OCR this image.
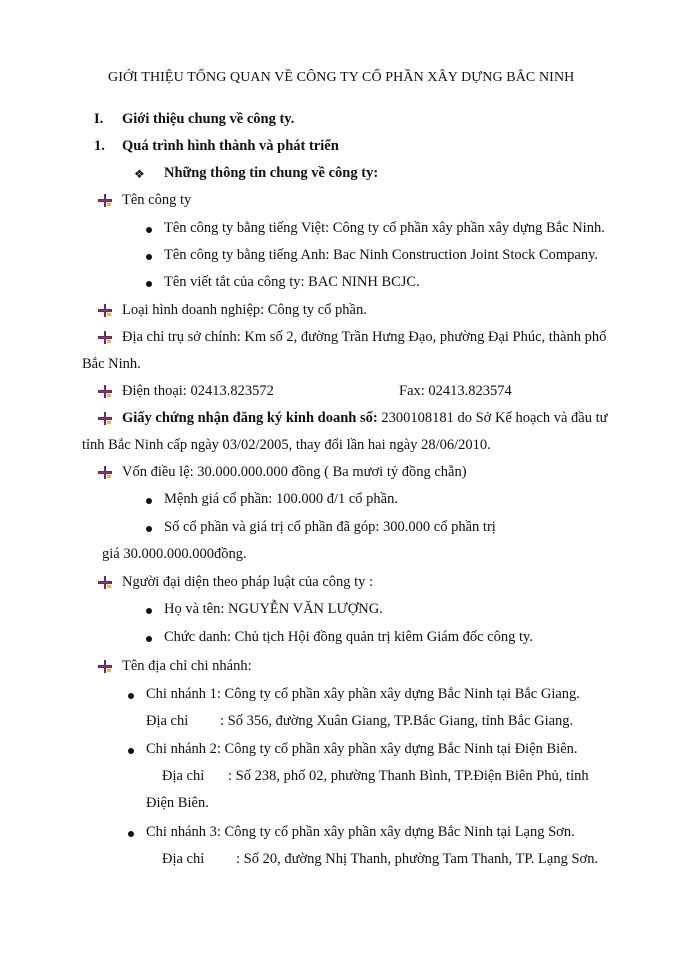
GIỚI THIỆU TỔNG QUAN VỀ CÔNG TY CỔ PHẦN XÂY DỰNG BẮC NINH
I. Giới thiệu chung về công ty.
1. Quá trình hình thành và phát triển
❖ Những thông tin chung về công ty:
Tên công ty
Tên công ty bằng tiếng Việt: Công ty cổ phần xây phần xây dựng Bắc Ninh.
Tên công ty bằng tiếng Anh: Bac Ninh Construction Joint Stock Company.
Tên viết tắt của công ty: BAC NINH BCJC.
Loại hình doanh nghiệp: Công ty cổ phần.
Địa chỉ trụ sở chính: Km số 2, đường Trần Hưng Đạo, phường Đại Phúc, thành phố
Bắc Ninh.
Điện thoại: 02413.823572	Fax: 02413.823574
Giấy chứng nhận đăng ký kinh doanh số: 2300108181 do Sở Kế hoạch và đầu tư
tỉnh Bắc Ninh cấp ngày 03/02/2005, thay đổi lần hai ngày 28/06/2010.
Vốn điều lệ: 30.000.000.000 đồng ( Ba mươi tỷ đồng chẵn)
Mệnh giá cổ phần: 100.000 đ/1 cổ phần.
Số cổ phần và giá trị cổ phần đã góp: 300.000 cổ phần trị
giá 30.000.000.000đồng.
Người đại diện theo pháp luật của công ty :
Họ và tên: NGUYỄN VĂN LƯỢNG.
Chức danh: Chủ tịch Hội đồng quản trị kiêm Giám đốc công ty.
Tên địa chỉ chi nhánh:
Chi nhánh 1: Công ty cổ phần xây phần xây dựng Bắc Ninh tại Bắc Giang.
Địa chỉ : Số 356, đường Xuân Giang, TP.Bắc Giang, tỉnh Bắc Giang.
Chi nhánh 2: Công ty cổ phần xây phần xây dựng Bắc Ninh tại Điện Biên.
Địa chỉ : Số 238, phố 02, phường Thanh Bình, TP.Điện Biên Phủ, tỉnh
Điện Biên.
Chi nhánh 3: Công ty cổ phần xây phần xây dựng Bắc Ninh tại Lạng Sơn.
Địa chỉ : Số 20, đường Nhị Thanh, phường Tam Thanh, TP. Lạng Sơn.
